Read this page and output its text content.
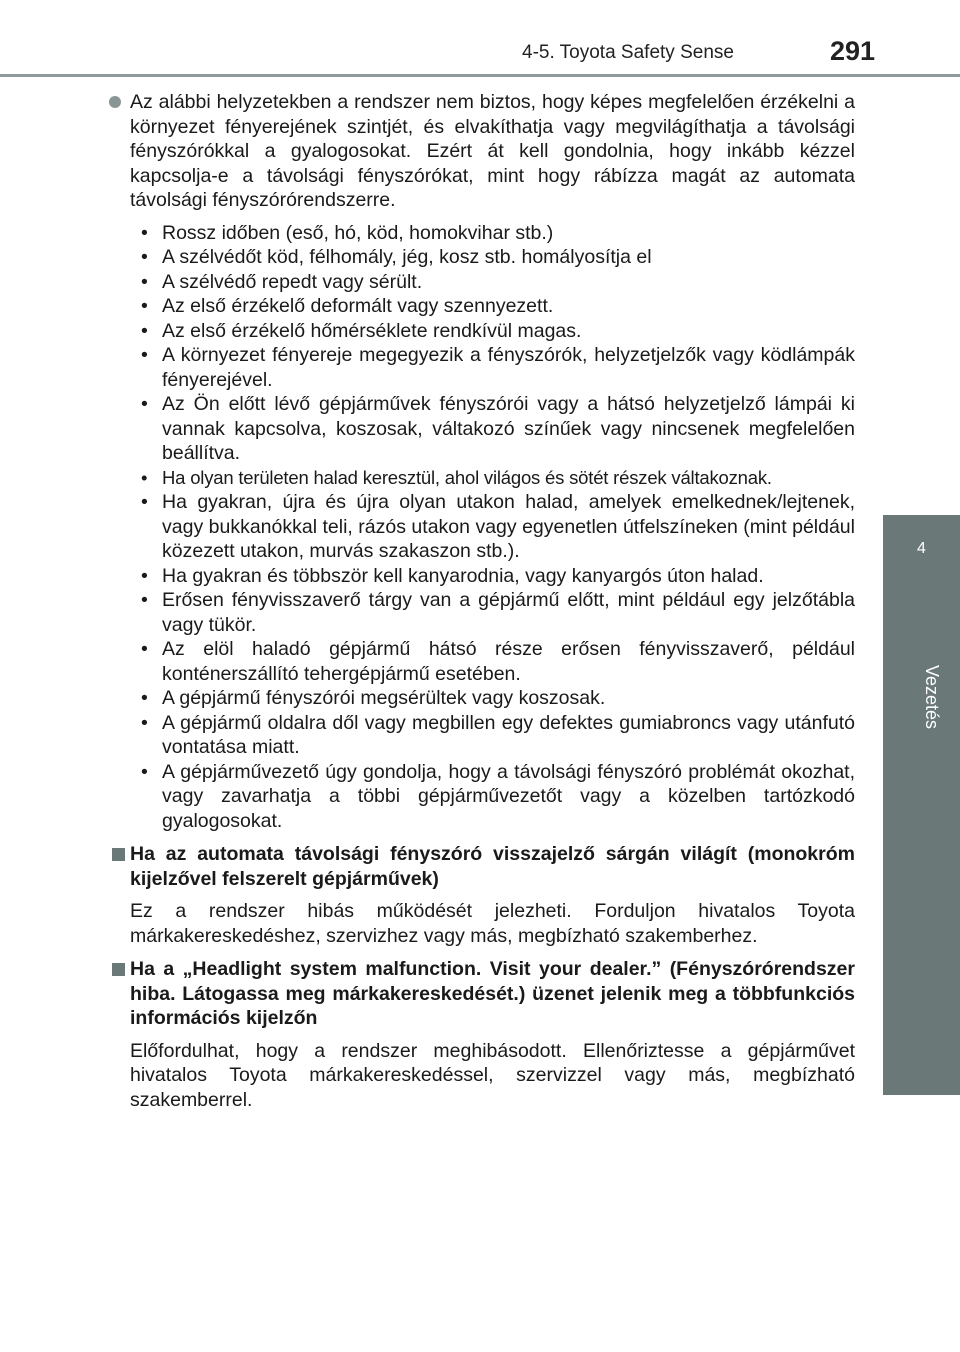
4-5. Toyota Safety Sense	291
4
Vezetés

Az alábbi helyzetekben a rendszer nem biztos, hogy képes megfelelően érzékelni a környezet fényerejének szintjét, és elvakíthatja vagy megvilágíthatja a távolsági fényszórókkal a gyalogosokat. Ezért át kell gondolnia, hogy inkább kézzel kapcsolja-e a távolsági fényszórókat, mint hogy rábízza magát az automata távolsági fényszórórendszerre.

• Rossz időben (eső, hó, köd, homokvihar stb.)
• A szélvédőt köd, félhomály, jég, kosz stb. homályosítja el
• A szélvédő repedt vagy sérült.
• Az első érzékelő deformált vagy szennyezett.
• Az első érzékelő hőmérséklete rendkívül magas.
• A környezet fényereje megegyezik a fényszórók, helyzetjelzők vagy ködlámpák fényerejével.
• Az Ön előtt lévő gépjárművek fényszórói vagy a hátsó helyzetjelző lámpái ki vannak kapcsolva, koszosak, váltakozó színűek vagy nincsenek megfelelően beállítva.
• Ha olyan területen halad keresztül, ahol világos és sötét részek váltakoznak.
• Ha gyakran, újra és újra olyan utakon halad, amelyek emelkednek/lejtenek, vagy bukkanókkal teli, rázós utakon vagy egyenetlen útfelszíneken (mint például közezett utakon, murvás szakaszon stb.).
• Ha gyakran és többször kell kanyarodnia, vagy kanyargós úton halad.
• Erősen fényvisszaverő tárgy van a gépjármű előtt, mint például egy jelzőtábla vagy tükör.
• Az elöl haladó gépjármű hátsó része erősen fényvisszaverő, például konténerszállító tehergépjármű esetében.
• A gépjármű fényszórói megsérültek vagy koszosak.
• A gépjármű oldalra dől vagy megbillen egy defektes gumiabroncs vagy utánfutó vontatása miatt.
• A gépjárművezető úgy gondolja, hogy a távolsági fényszóró problémát okozhat, vagy zavarhatja a többi gépjárművezetőt vagy a közelben tartózkodó gyalogosokat.

Ha az automata távolsági fényszóró visszajelző sárgán világít (monokróm kijelzővel felszerelt gépjárművek)

Ez a rendszer hibás működését jelezheti. Forduljon hivatalos Toyota márkakereskedéshez, szervizhez vagy más, megbízható szakemberhez.

Ha a „Headlight system malfunction. Visit your dealer.” (Fényszórórendszer hiba. Látogassa meg márkakereskedését.) üzenet jelenik meg a többfunkciós információs kijelzőn

Előfordulhat, hogy a rendszer meghibásodott. Ellenőriztesse a gépjárművet hivatalos Toyota márkakereskedéssel, szervizzel vagy más, megbízható szakemberrel.
